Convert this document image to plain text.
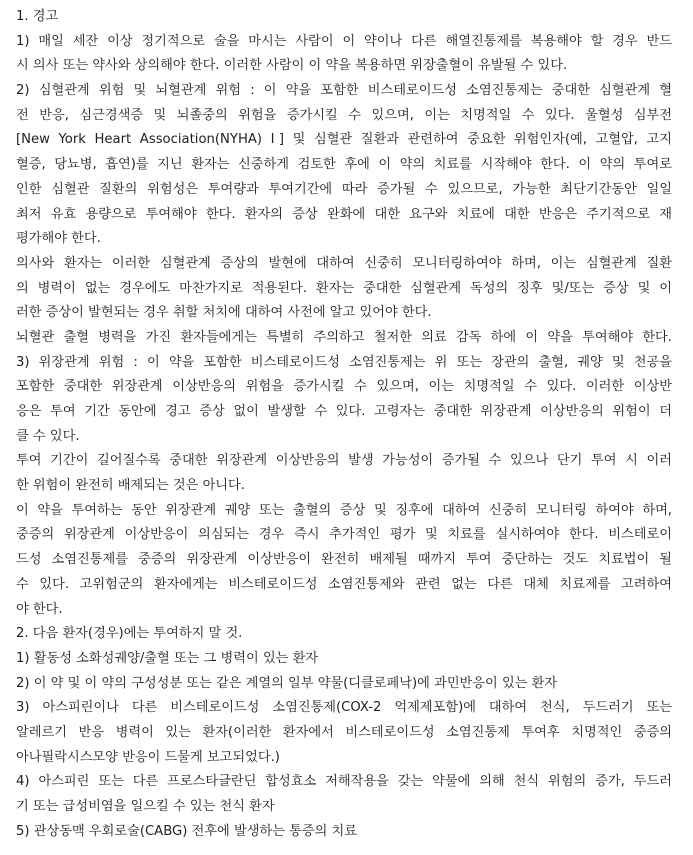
1. 경고
1) 매일 세잔 이상 정기적으로 술을 마시는 사람이 이 약이나 다른 해열진통제를 복용해야 할 경우 반드
시 의사 또는 약사와 상의해야 한다. 이러한 사람이 이 약을 복용하면 위장출혈이 유발될 수 있다.
2) 심혈관계 위험 및 뇌혈관계 위험 : 이 약을 포함한 비스테로이드성 소염진통제는 중대한 심혈관계 혈
전 반응, 심근경색증 및 뇌졸중의 위험을 증가시킬 수 있으며, 이는 치명적일 수 있다. 울혈성 심부전
[New York Heart Association(NYHA) Ⅰ] 및 심혈관 질환과 관련하여 중요한 위험인자(예, 고혈압, 고지
혈증, 당뇨병, 흡연)를 지닌 환자는 신중하게 검토한 후에 이 약의 치료를 시작해야 한다. 이 약의 투여로
인한 심혈관 질환의 위험성은 투여량과 투여기간에 따라 증가될 수 있으므로, 가능한 최단기간동안 일일
최저 유효 용량으로 투여해야 한다. 환자의 증상 완화에 대한 요구와 치료에 대한 반응은 주기적으로 재
평가해야 한다.
의사와 환자는 이러한 심혈관계 증상의 발현에 대하여 신중히 모니터링하여야 하며, 이는 심혈관계 질환
의 병력이 없는 경우에도 마찬가지로 적용된다. 환자는 중대한 심혈관계 독성의 징후 및/또는 증상 및 이
러한 증상이 발현되는 경우 취할 처치에 대하여 사전에 알고 있어야 한다.
뇌혈관 출혈 병력을 가진 환자들에게는 특별히 주의하고 철저한 의료 감독 하에 이 약을 투여해야 한다.
3) 위장관계 위험 : 이 약을 포함한 비스테로이드성 소염진통제는 위 또는 장관의 출혈, 궤양 및 천공을
포함한 중대한 위장관계 이상반응의 위험을 증가시킬 수 있으며, 이는 치명적일 수 있다. 이러한 이상반
응은 투여 기간 동안에 경고 증상 없이 발생할 수 있다. 고령자는 중대한 위장관계 이상반응의 위험이 더
클 수 있다.
투여 기간이 길어질수록 중대한 위장관계 이상반응의 발생 가능성이 증가될 수 있으나 단기 투여 시 이러
한 위험이 완전히 배제되는 것은 아니다.
이 약을 투여하는 동안 위장관계 궤양 또는 출혈의 증상 및 징후에 대하여 신중히 모니터링 하여야 하며,
중증의 위장관계 이상반응이 의심되는 경우 즉시 추가적인 평가 및 치료를 실시하여야 한다. 비스테로이
드성 소염진통제를 중증의 위장관계 이상반응이 완전히 배제될 때까지 투여 중단하는 것도 치료법이 될
수 있다. 고위험군의 환자에게는 비스테로이드성 소염진통제와 관련 없는 다른 대체 치료제를 고려하여
야 한다.
2. 다음 환자(경우)에는 투여하지 말 것.
1) 활동성 소화성궤양/출혈 또는 그 병력이 있는 환자
2) 이 약 및 이 약의 구성성분 또는 같은 계열의 일부 약물(디클로페낙)에 과민반응이 있는 환자
3) 아스피린이나 다른 비스테로이드성 소염진통제(COX-2 억제제포함)에 대하여 천식, 두드러기 또는
알레르기 반응 병력이 있는 환자(이러한 환자에서 비스테로이드성 소염진통제 투여후 치명적인 중증의
아나필락시스모양 반응이 드물게 보고되었다.)
4) 아스피린 또는 다른 프로스타글란딘 합성효소 저해작용을 갖는 약물에 의해 천식 위험의 증가, 두드러
기 또는 급성비염을 일으킬 수 있는 천식 환자
5) 관상동맥 우회로술(CABG) 전후에 발생하는 통증의 치료
